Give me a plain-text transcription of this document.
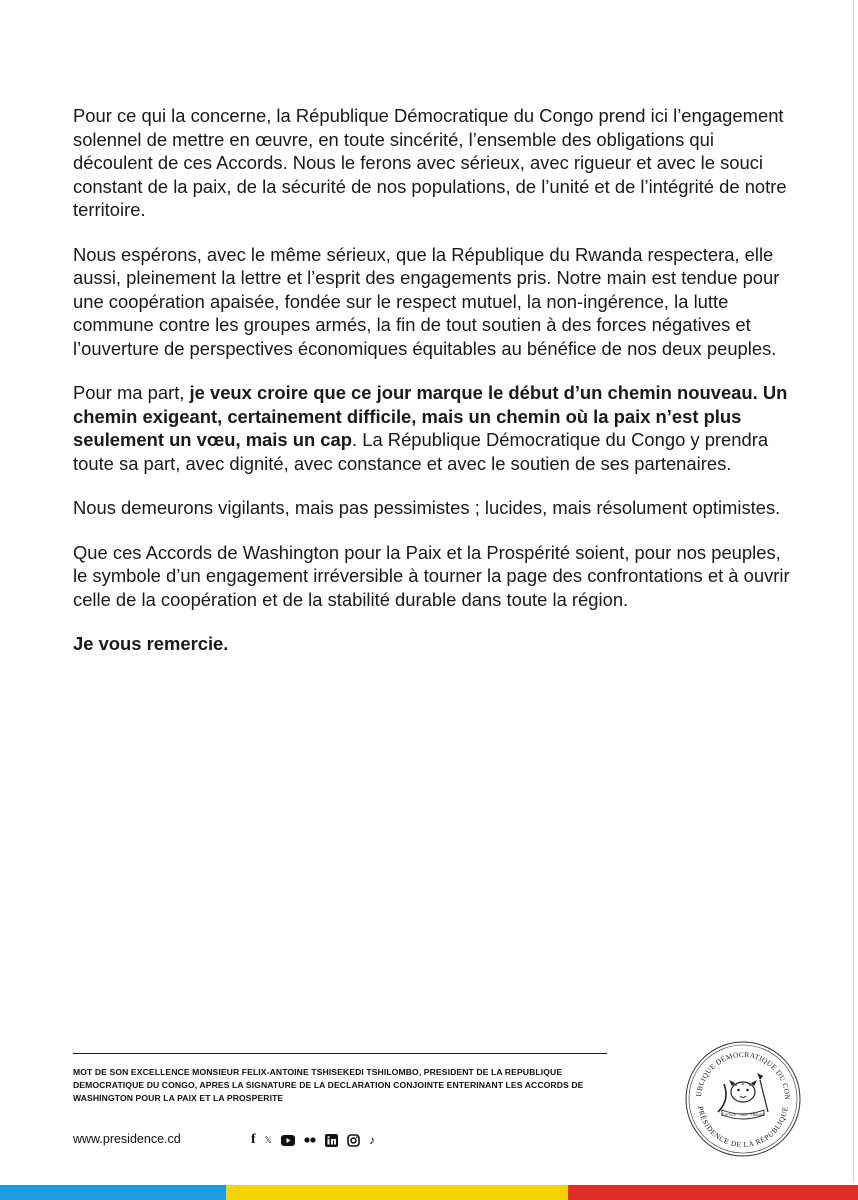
Pour ce qui la concerne, la République Démocratique du Congo prend ici l’engagement solennel de mettre en œuvre, en toute sincérité, l’ensemble des obligations qui découlent de ces Accords. Nous le ferons avec sérieux, avec rigueur et avec le souci constant de la paix, de la sécurité de nos populations, de l’unité et de l’intégrité de notre territoire.

Nous espérons, avec le même sérieux, que la République du Rwanda respectera, elle aussi, pleinement la lettre et l’esprit des engagements pris. Notre main est tendue pour une coopération apaisée, fondée sur le respect mutuel, la non-ingérence, la lutte commune contre les groupes armés, la fin de tout soutien à des forces négatives et l’ouverture de perspectives économiques équitables au bénéfice de nos deux peuples.

Pour ma part, je veux croire que ce jour marque le début d’un chemin nouveau. Un chemin exigeant, certainement difficile, mais un chemin où la paix n’est plus seulement un vœu, mais un cap. La République Démocratique du Congo y prendra toute sa part, avec dignité, avec constance et avec le soutien de ses partenaires.

Nous demeurons vigilants, mais pas pessimistes ; lucides, mais résolument optimistes.

Que ces Accords de Washington pour la Paix et la Prospérité soient, pour nos peuples, le symbole d’un engagement irréversible à tourner la page des confrontations et à ouvrir celle de la coopération et de la stabilité durable dans toute la région.

Je vous remercie.

MOT DE SON EXCELLENCE MONSIEUR FELIX-ANTOINE TSHISEKEDI TSHILOMBO, PRESIDENT DE LA REPUBLIQUE DEMOCRATIQUE DU CONGO, APRES LA SIGNATURE DE LA DECLARATION CONJOINTE ENTERINANT LES ACCORDS DE WASHINGTON POUR LA PAIX ET LA PROSPERITE
www.presidence.cd	f 𝕏	♪
UBLIQUE DÉMOCRATIQUE DU CON
PRÉSIDENCE DE LA RÉPUBLIQUE
JUSTICE · PAIX · TRAVAIL
